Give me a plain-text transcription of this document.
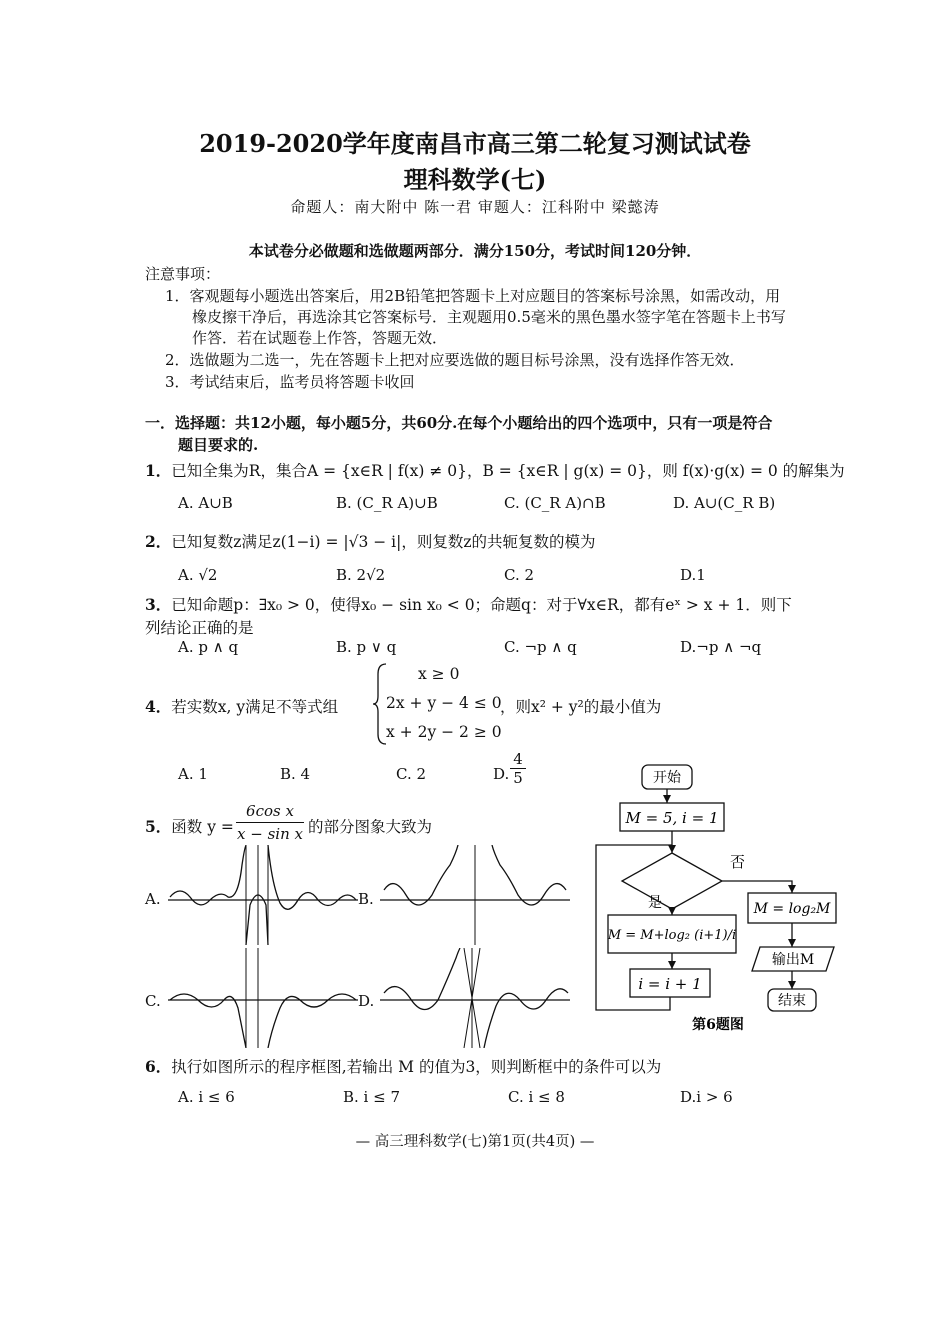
2019-2020学年度南昌市高三第二轮复习测试试卷
理科数学(七)
命题人：南大附中 陈一君 审题人：江科附中 梁懿涛
本试卷分必做题和选做题两部分．满分150分，考试时间120分钟．
注意事项：
1．客观题每小题选出答案后，用2B铅笔把答题卡上对应题目的答案标号涂黑，如需改动，用
橡皮擦干净后，再选涂其它答案标号．主观题用0.5毫米的黑色墨水签字笔在答题卡上书写
作答．若在试题卷上作答，答题无效．
2．选做题为二选一，先在答题卡上把对应要选做的题目标号涂黑，没有选择作答无效．
3．考试结束后，监考员将答题卡收回
一．选择题：共12小题，每小题5分，共60分.在每个小题给出的四个选项中，只有一项是符合
题目要求的.
1．已知全集为R，集合A = {x∈R | f(x) ≠ 0}，B = {x∈R | g(x) = 0}，则 f(x)·g(x) = 0 的解集为
A. A∪B	B. (C_R A)∪B	C. (C_R A)∩B	D. A∪(C_R B)
2．已知复数z满足z(1−i) = |√3 − i|，则复数z的共轭复数的模为
A. √2	B. 2√2	C. 2	D.1
3．已知命题p：∃x₀ > 0，使得x₀ − sin x₀ < 0；命题q：对于∀x∈R，都有eˣ > x + 1．则下
列结论正确的是
A. p ∧ q	B. p ∨ q	C. ¬p ∧ q	D.¬p ∧ ¬q
4．若实数x, y满足不等式组
x ≥ 0
2x + y − 4 ≤ 0
x + 2y − 2 ≥ 0
，则x² + y²的最小值为
A. 1	B. 4	C. 2	D. $\frac{4}{5}$
5．函数 $y = \frac{\text{6cos x}}{\text{x − sin x}}$ 的部分图象大致为
A.	B.
C.	D.
开始
M = 5, i = 1
否
是
M = M+log₂ (i+1)/i
i = i + 1
M = log₂M
输出M
结束
第6题图
6．执行如图所示的程序框图,若输出 M 的值为3，则判断框中的条件可以为
A. i ≤ 6	B. i ≤ 7	C. i ≤ 8	D.i > 6
— 高三理科数学(七)第1页(共4页) —
